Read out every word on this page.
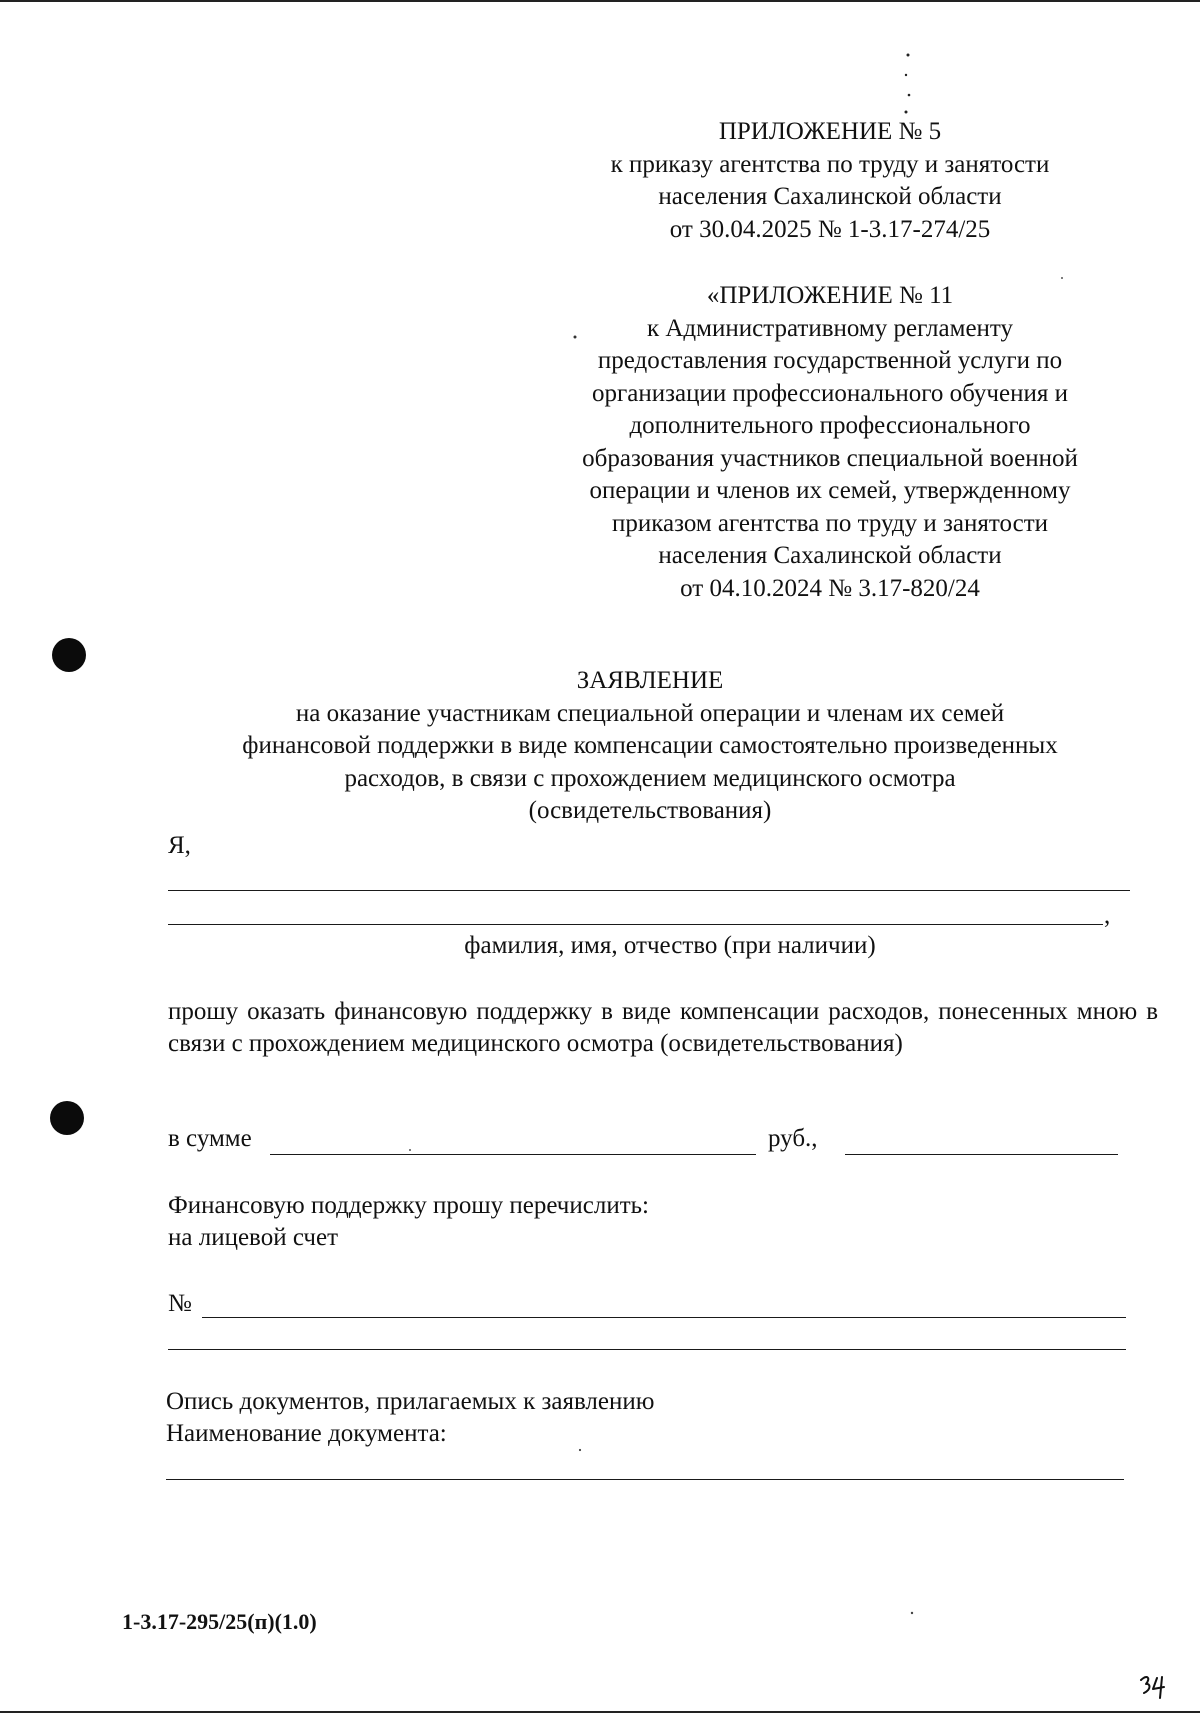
ПРИЛОЖЕНИЕ № 5
к приказу агентства по труду и занятости
населения Сахалинской области
от 30.04.2025 № 1-3.17-274/25
«ПРИЛОЖЕНИЕ № 11
к Административному регламенту
предоставления государственной услуги по
организации профессионального обучения и
дополнительного профессионального
образования участников специальной военной
операции и членов их семей, утвержденному
приказом агентства по труду и занятости
населения Сахалинской области
от 04.10.2024 № 3.17-820/24
ЗАЯВЛЕНИЕ
на оказание участникам специальной операции и членам их семей
финансовой поддержки в виде компенсации самостоятельно произведенных
расходов, в связи с прохождением медицинского осмотра
(освидетельствования)
Я,
,
фамилия, имя, отчество (при наличии)
прошу оказать финансовую поддержку в виде компенсации расходов, понесенных мною в связи с прохождением медицинского осмотра (освидетельствования)
в сумме	руб.,
Финансовую поддержку прошу перечислить:
на лицевой счет
№
Опись документов, прилагаемых к заявлению
Наименование документа:
1-3.17-295/25(п)(1.0)
